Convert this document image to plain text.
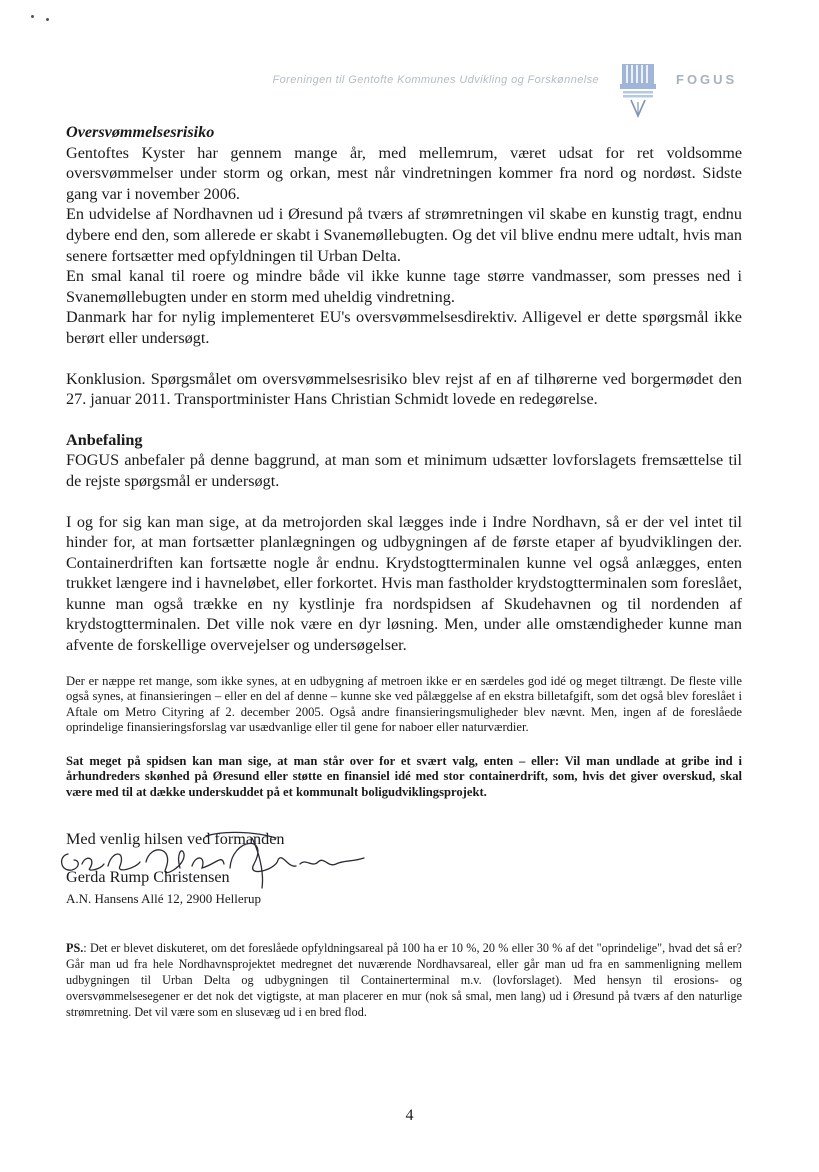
Foreningen til Gentofte Kommunes Udvikling og Forskønnelse	FOGUS

Oversvømmelsesrisiko

Gentoftes Kyster har gennem mange år, med mellemrum, været udsat for ret voldsomme oversvømmelser under storm og orkan, mest når vindretningen kommer fra nord og nordøst. Sidste gang var i november 2006.

En udvidelse af Nordhavnen ud i Øresund på tværs af strømretningen vil skabe en kunstig tragt, endnu dybere end den, som allerede er skabt i Svanemøllebugten. Og det vil blive endnu mere udtalt, hvis man senere fortsætter med opfyldningen til Urban Delta.

En smal kanal til roere og mindre både vil ikke kunne tage større vandmasser, som presses ned i Svanemøllebugten under en storm med uheldig vindretning.

Danmark har for nylig implementeret EU's oversvømmelsesdirektiv. Alligevel er dette spørgsmål ikke berørt eller undersøgt.

Konklusion. Spørgsmålet om oversvømmelsesrisiko blev rejst af en af tilhørerne ved borgermødet den 27. januar 2011. Transportminister Hans Christian Schmidt lovede en redegørelse.

Anbefaling

FOGUS anbefaler på denne baggrund, at man som et minimum udsætter lovforslagets fremsættelse til de rejste spørgsmål er undersøgt.

I og for sig kan man sige, at da metrojorden skal lægges inde i Indre Nordhavn, så er der vel intet til hinder for, at man fortsætter planlægningen og udbygningen af de første etaper af byudviklingen der. Containerdriften kan fortsætte nogle år endnu. Krydstogtterminalen kunne vel også anlægges, enten trukket længere ind i havneløbet, eller forkortet. Hvis man fastholder krydstogtterminalen som foreslået, kunne man også trække en ny kystlinje fra nordspidsen af Skudehavnen og til nordenden af krydstogtterminalen. Det ville nok være en dyr løsning. Men, under alle omstændigheder kunne man afvente de forskellige overvejelser og undersøgelser.

Der er næppe ret mange, som ikke synes, at en udbygning af metroen ikke er en særdeles god idé og meget tiltrængt. De fleste ville også synes, at finansieringen – eller en del af denne – kunne ske ved pålæggelse af en ekstra billetafgift, som det også blev foreslået i Aftale om Metro Cityring af 2. december 2005. Også andre finansieringsmuligheder blev nævnt. Men, ingen af de foreslåede oprindelige finansieringsforslag var usædvanlige eller til gene for naboer eller naturværdier.

Sat meget på spidsen kan man sige, at man står over for et svært valg, enten – eller: Vil man undlade at gribe ind i århundreders skønhed på Øresund eller støtte en finansiel idé med stor containerdrift, som, hvis det giver overskud, skal være med til at dække underskuddet på et kommunalt boligudviklingsprojekt.

Med venlig hilsen ved formanden
Gerda Rump Christensen
A.N. Hansens Allé 12, 2900 Hellerup
PS.: Det er blevet diskuteret, om det foreslåede opfyldningsareal på 100 ha er 10 %, 20 % eller 30 % af det "oprindelige", hvad det så er? Går man ud fra hele Nordhavnsprojektet medregnet det nuværende Nordhavsareal, eller går man ud fra en sammenligning mellem udbygningen til Urban Delta og udbygningen til Containerterminal m.v. (lovforslaget). Med hensyn til erosions- og oversvømmelsesegener er det nok det vigtigste, at man placerer en mur (nok så smal, men lang) ud i Øresund på tværs af den naturlige strømretning. Det vil være som en slusevæg ud i en bred flod.
4
